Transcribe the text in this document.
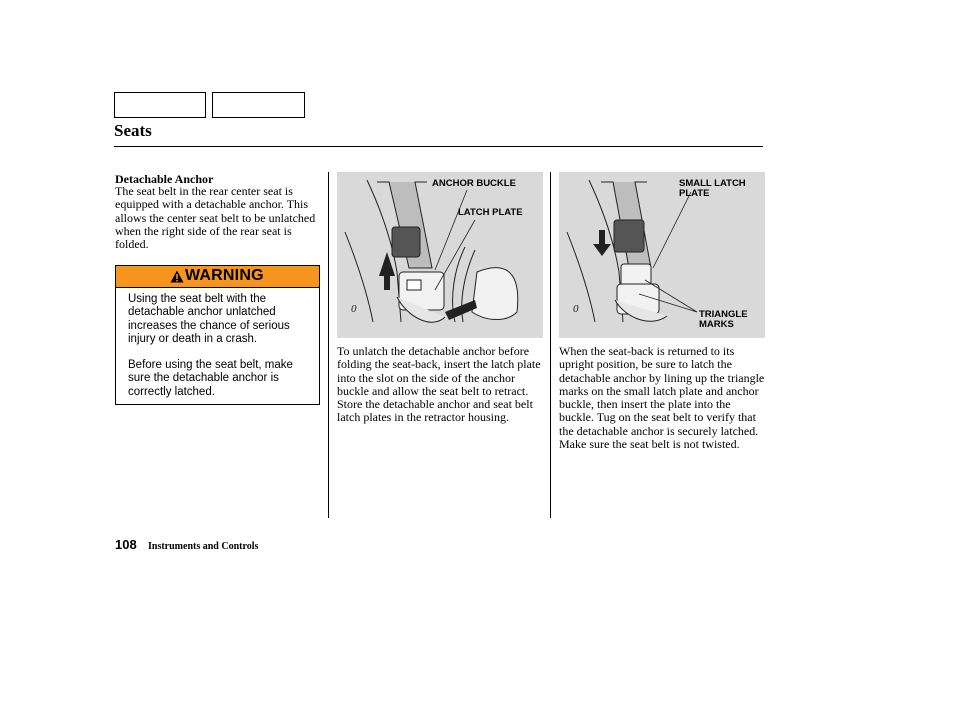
Seats
Detachable Anchor
The seat belt in the rear center seat is equipped with a detachable anchor. This allows the center seat belt to be unlatched when the right side of the rear seat is folded.
WARNING
Using the seat belt with the detachable anchor unlatched increases the chance of serious injury or death in a crash.
Before using the seat belt, make sure the detachable anchor is correctly latched.
0
ANCHOR BUCKLE
LATCH PLATE
To unlatch the detachable anchor before folding the seat-back, insert the latch plate into the slot on the side of the anchor buckle and allow the seat belt to retract. Store the detachable anchor and seat belt latch plates in the retractor housing.
0
SMALL LATCH PLATE
TRIANGLE MARKS
When the seat-back is returned to its upright position, be sure to latch the detachable anchor by lining up the triangle marks on the small latch plate and anchor buckle, then insert the plate into the buckle. Tug on the seat belt to verify that the detachable anchor is securely latched. Make sure the seat belt is not twisted.
108 Instruments and Controls
